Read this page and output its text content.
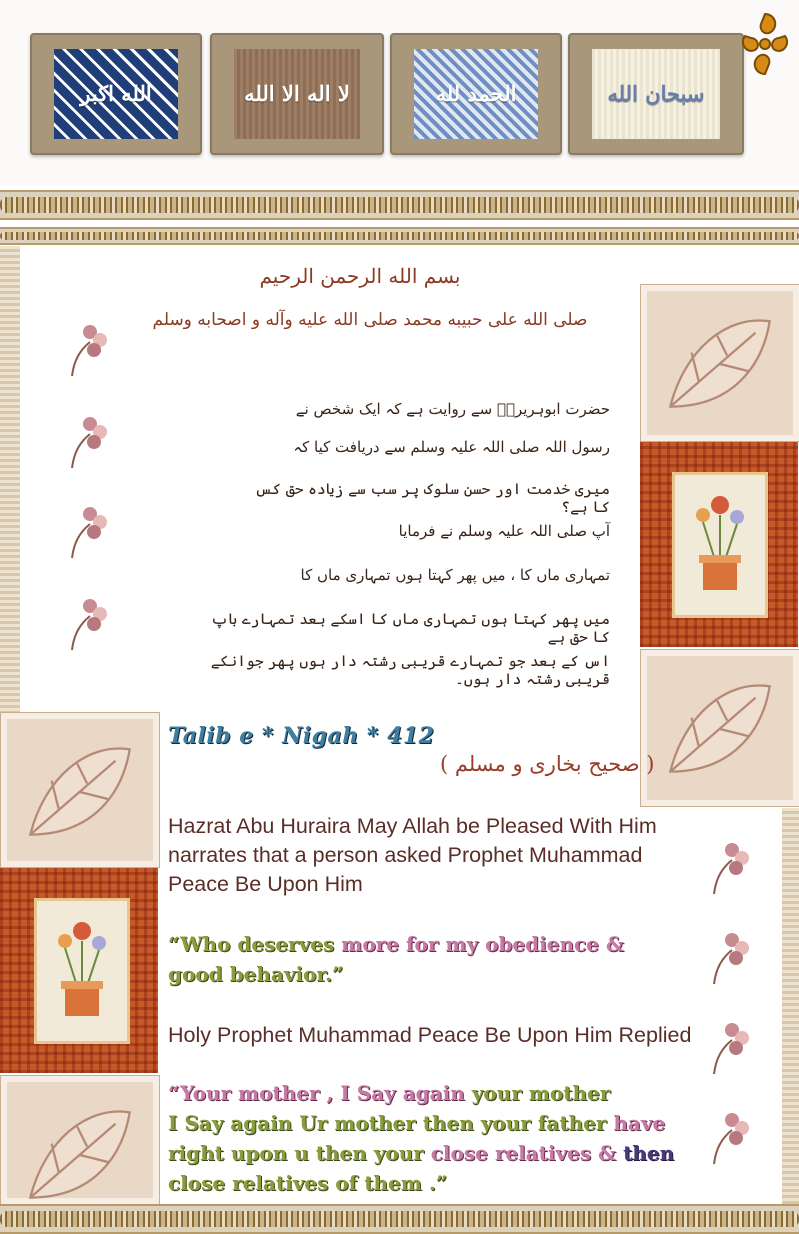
الله اکبر	لا اله الا الله	الحمد لله	سبحان الله
بسم الله الرحمن الرحیم
صلی الله علی حبیبه محمد صلی الله علیه وآله و اصحابه وسلم
حضرت ابوہریرہؓ سے روایت ہے کہ ایک شخص نے
رسول اللہ صلی اللہ علیہ وسلم سے دریافت کیا کہ
میری خدمت اور حسن سلوک پر سب سے زیادہ حق کس کا ہے؟
آپ صلی اللہ علیہ وسلم نے فرمایا
تمہاری ماں کا ، میں پھر کہتا ہوں تمہاری ماں کا
میں پھر کہتا ہوں تمہاری ماں کا اسکے بعد تمہارے باپ کا حق ہے
اس کے بعد جو تمہارے قریبی رشتہ دار ہوں پھر جوانکے قریبی رشتہ دار ہوں۔
Talib e * Nigah * 412
( صحیح بخاری و مسلم )
Hazrat Abu Huraira May Allah be Pleased With Him narrates that a person asked Prophet Muhammad Peace Be Upon Him
“Who deserves more for my obedience &
good behavior.”
Holy Prophet Muhammad Peace Be Upon Him Replied
“Your mother , I Say again your mother
I Say again Ur mother then your father have
right upon u then your close relatives & then
close relatives of them .”
